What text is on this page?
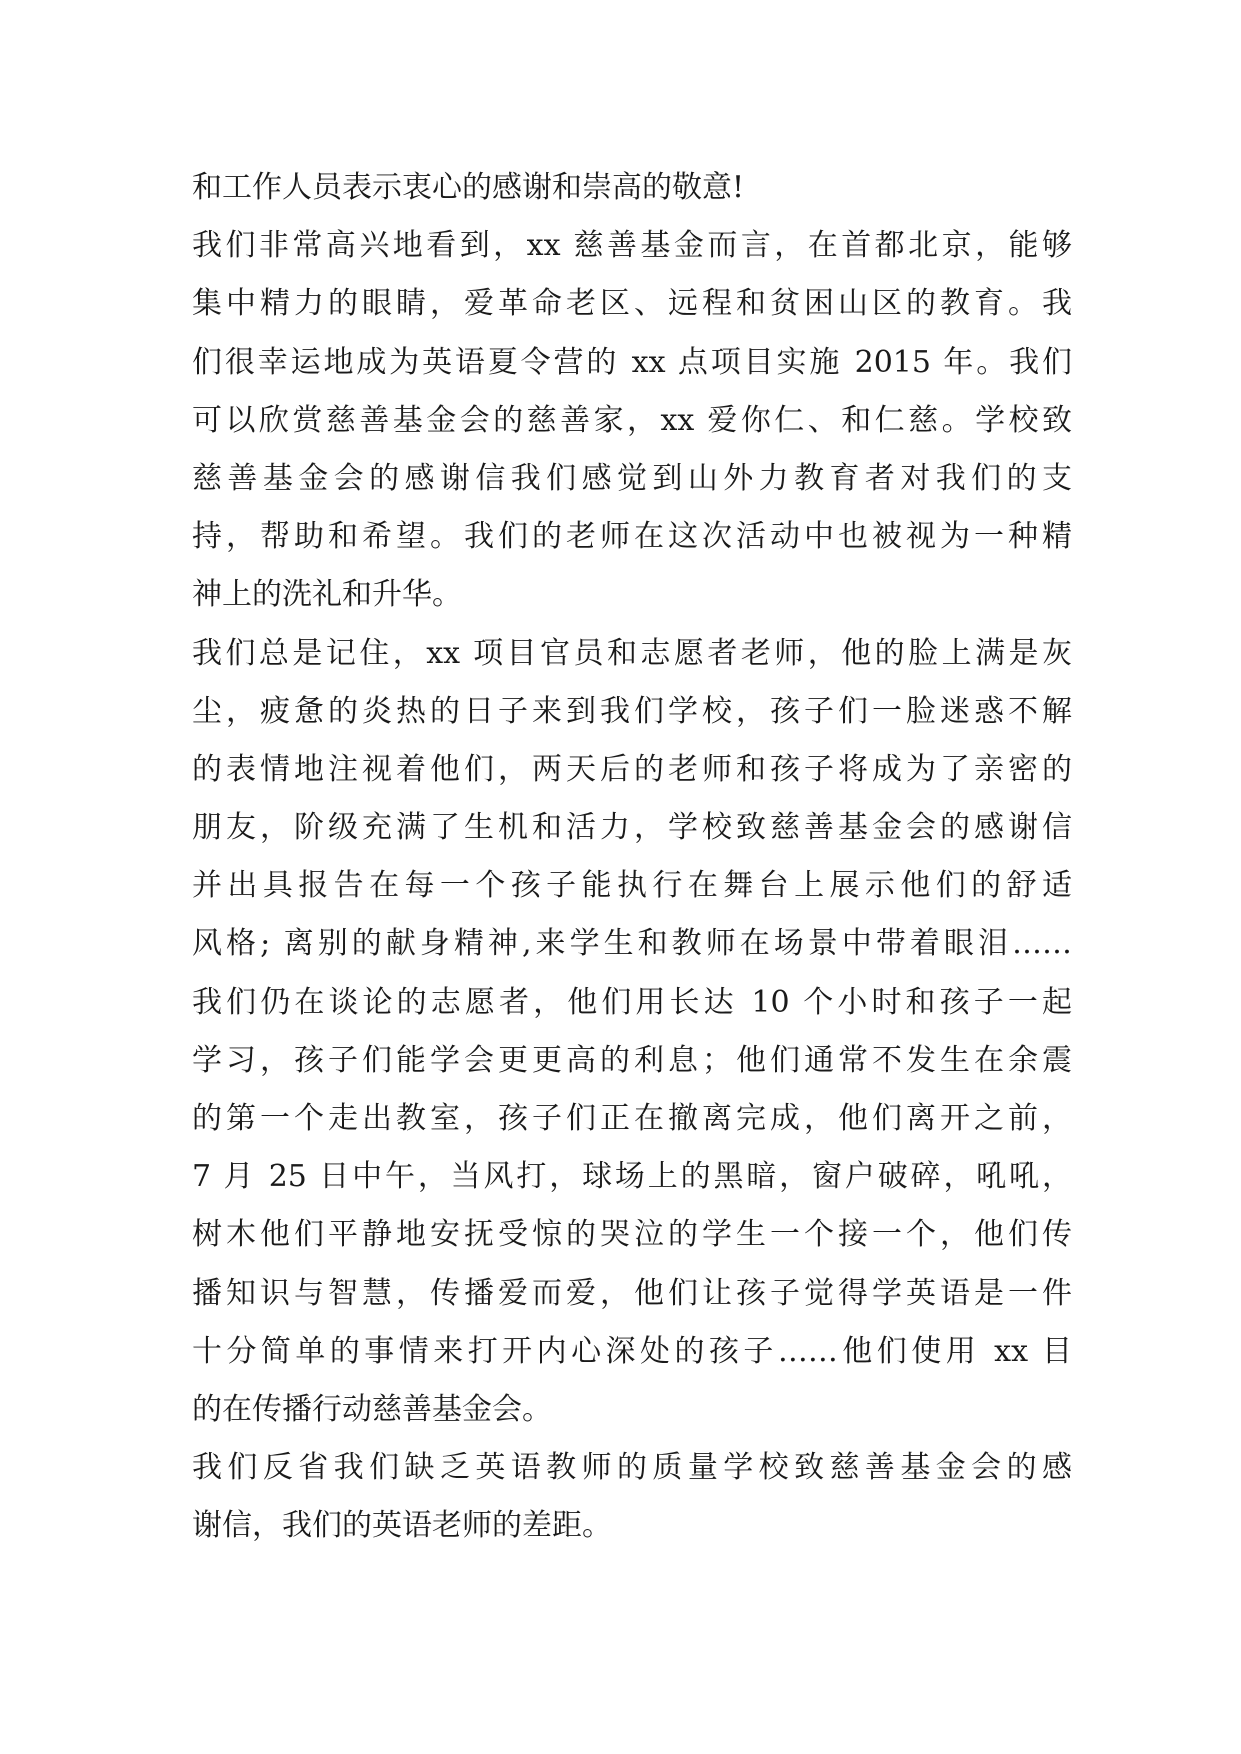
和工作人员表示衷心的感谢和崇高的敬意!
我们非常高兴地看到，xx 慈善基金而言，在首都北京，能够
集中精力的眼睛，爱革命老区、远程和贫困山区的教育。我
们很幸运地成为英语夏令营的 xx 点项目实施 2015 年。我们
可以欣赏慈善基金会的慈善家，xx 爱你仁、和仁慈。学校致
慈善基金会的感谢信我们感觉到山外力教育者对我们的支
持，帮助和希望。我们的老师在这次活动中也被视为一种精
神上的洗礼和升华。
我们总是记住，xx 项目官员和志愿者老师，他的脸上满是灰
尘，疲惫的炎热的日子来到我们学校，孩子们一脸迷惑不解
的表情地注视着他们，两天后的老师和孩子将成为了亲密的
朋友，阶级充满了生机和活力，学校致慈善基金会的感谢信
并出具报告在每一个孩子能执行在舞台上展示他们的舒适
风格; 离别的献身精神,来学生和教师在场景中带着眼泪……
我们仍在谈论的志愿者，他们用长达 10 个小时和孩子一起
学习，孩子们能学会更更高的利息；他们通常不发生在余震
的第一个走出教室，孩子们正在撤离完成，他们离开之前，
7 月 25 日中午，当风打，球场上的黑暗，窗户破碎，吼吼，
树木他们平静地安抚受惊的哭泣的学生一个接一个，他们传
播知识与智慧，传播爱而爱，他们让孩子觉得学英语是一件
十分简单的事情来打开内心深处的孩子……他们使用 xx 目
的在传播行动慈善基金会。
我们反省我们缺乏英语教师的质量学校致慈善基金会的感
谢信，我们的英语老师的差距。
